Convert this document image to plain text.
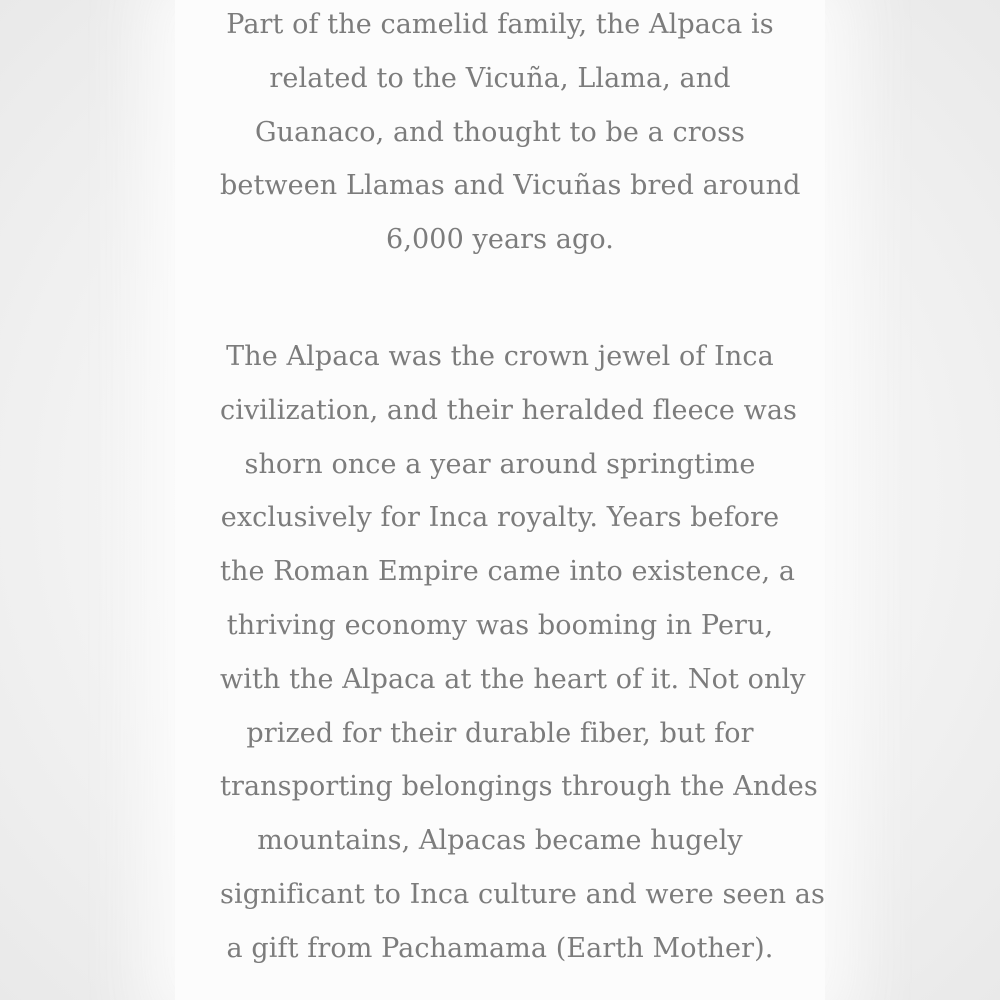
Part of the camelid family, the Alpaca is
related to the Vicuña, Llama, and
Guanaco, and thought to be a cross
between Llamas and Vicuñas bred around
6,000 years ago.

The Alpaca was the crown jewel of Inca
civilization, and their heralded fleece was
shorn once a year around springtime
exclusively for Inca royalty. Years before
the Roman Empire came into existence, a
thriving economy was booming in Peru,
with the Alpaca at the heart of it. Not only
prized for their durable fiber, but for
transporting belongings through the Andes
mountains, Alpacas became hugely
significant to Inca culture and were seen as
a gift from Pachamama (Earth Mother).
